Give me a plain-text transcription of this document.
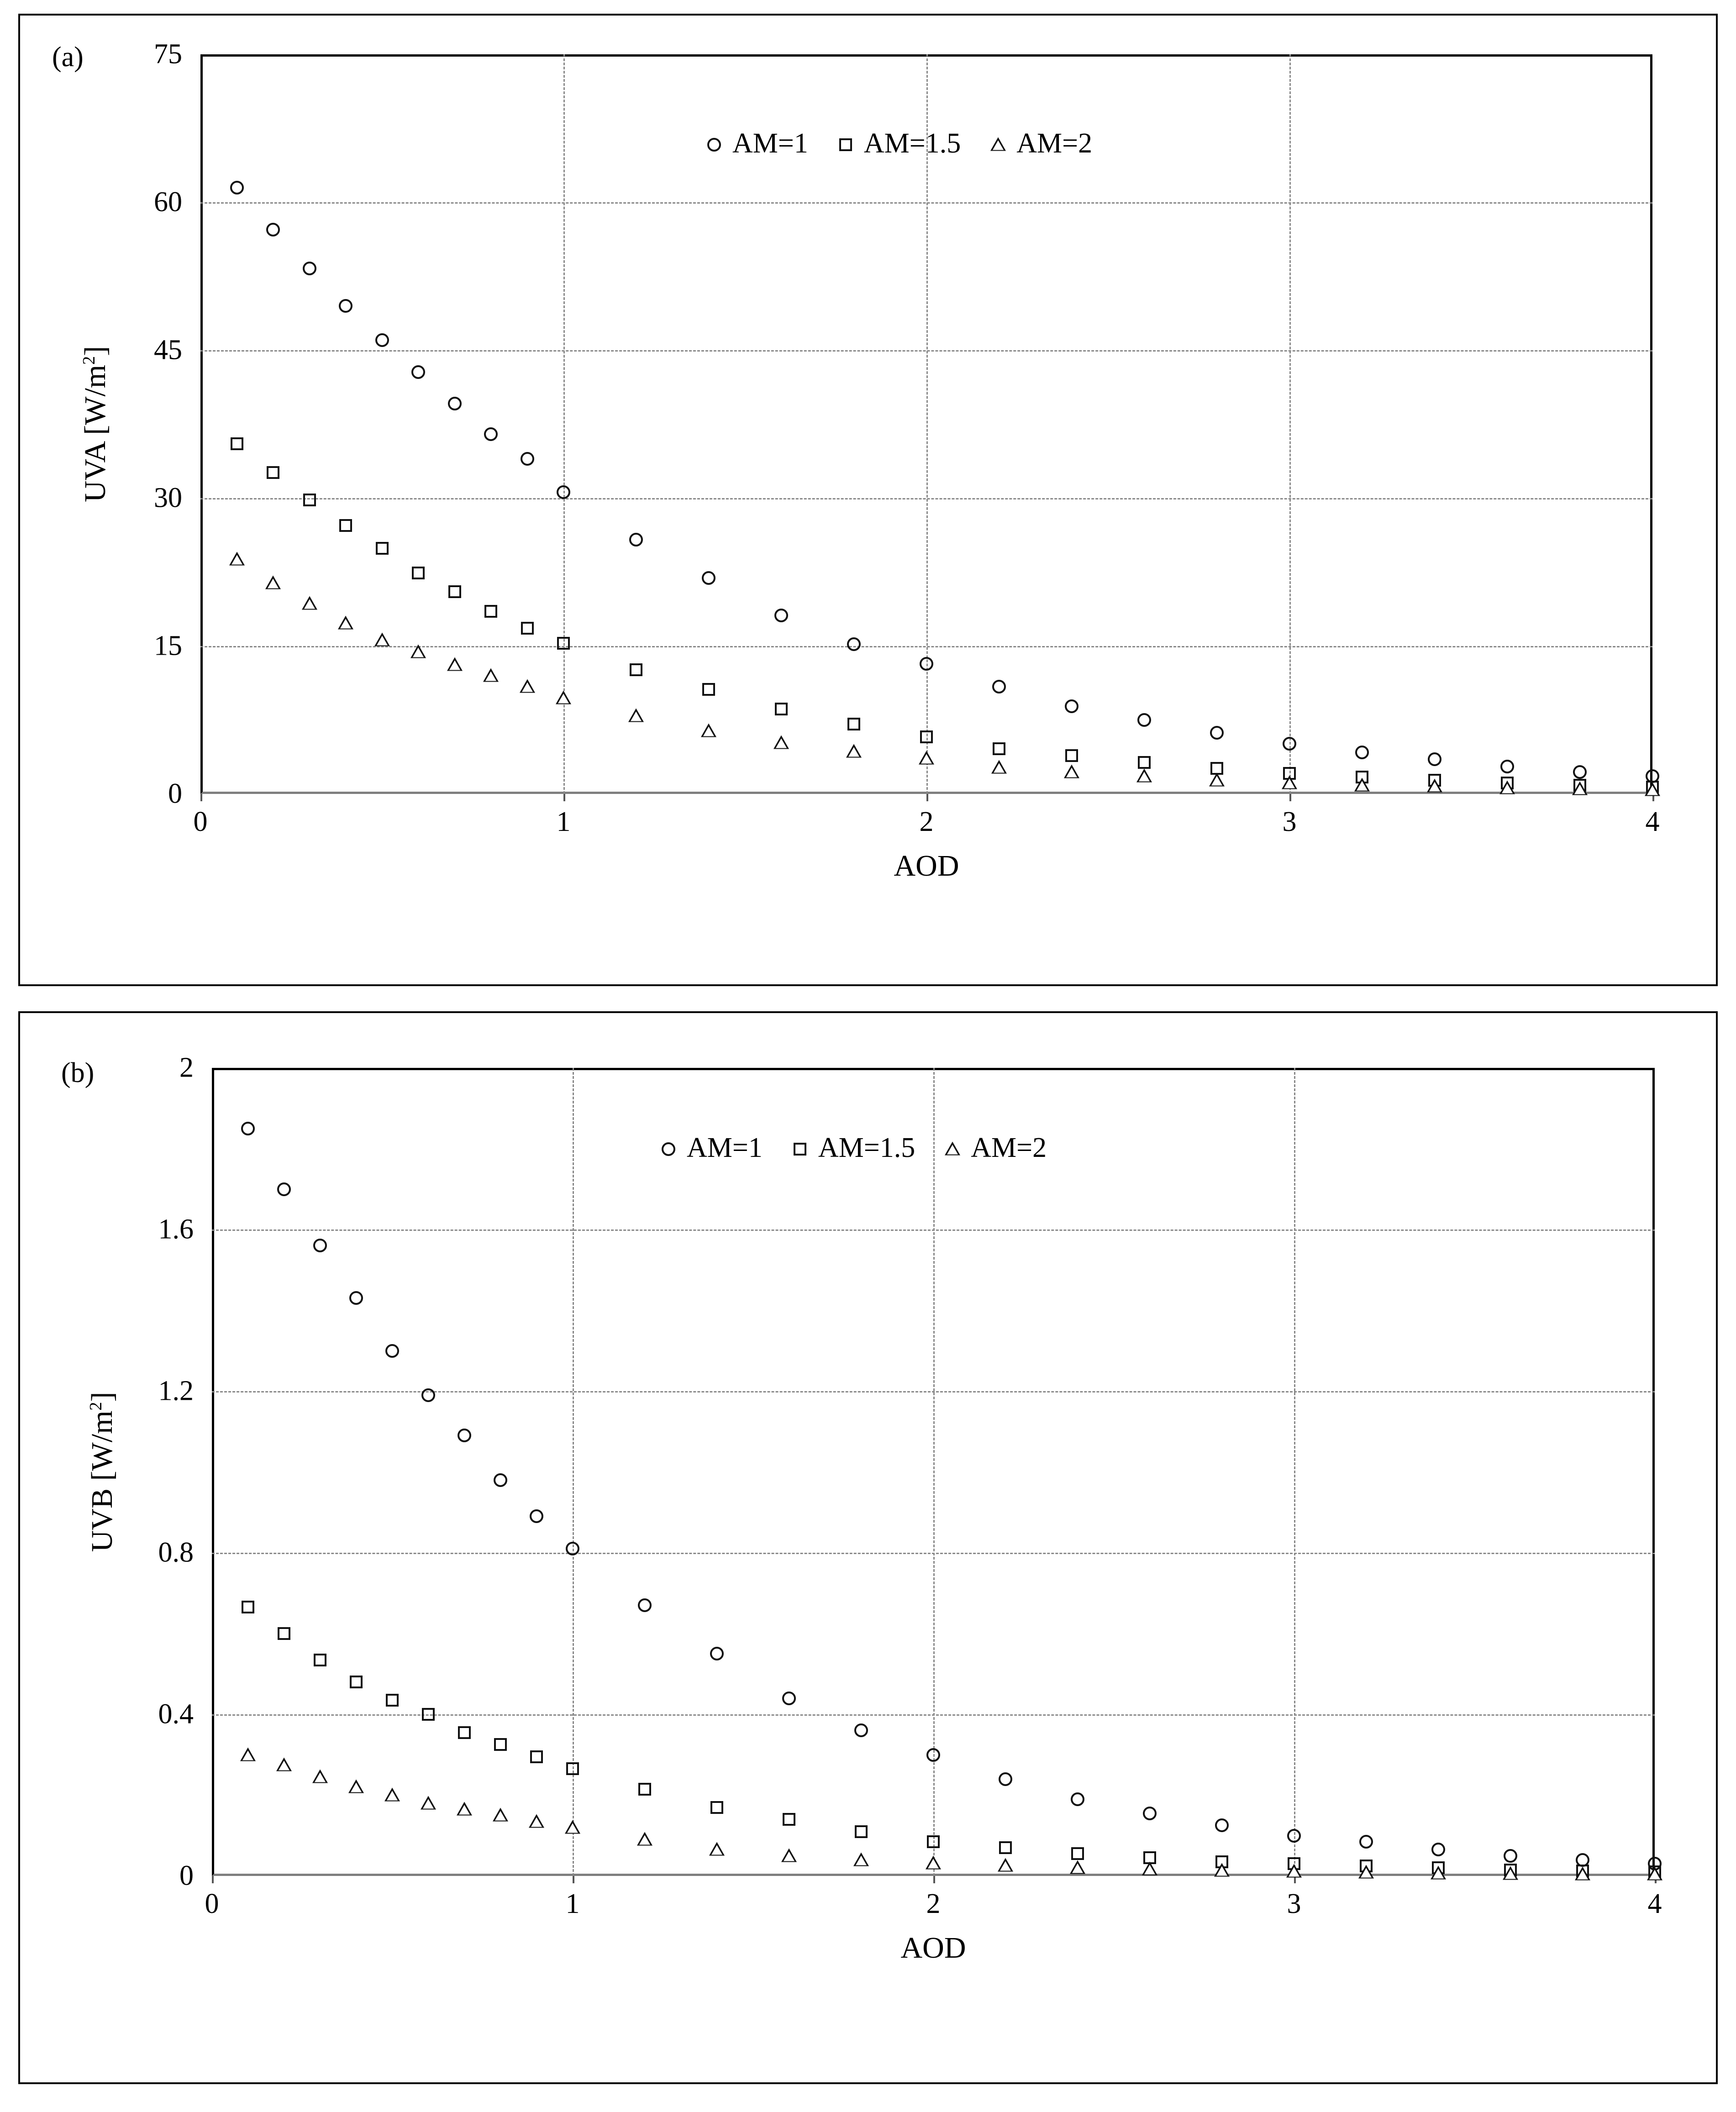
(a)
UVA $[W/m^2]$
AOD
0
15
30
45
60
75
0	1	2	3	4
AM=1 AM=1.5 AM=2
(b)
UVB $[W/m^2]$
AOD
0
0.4
0.8
1.2
1.6
2
0	1	2	3	4
AM=1 AM=1.5 AM=2
